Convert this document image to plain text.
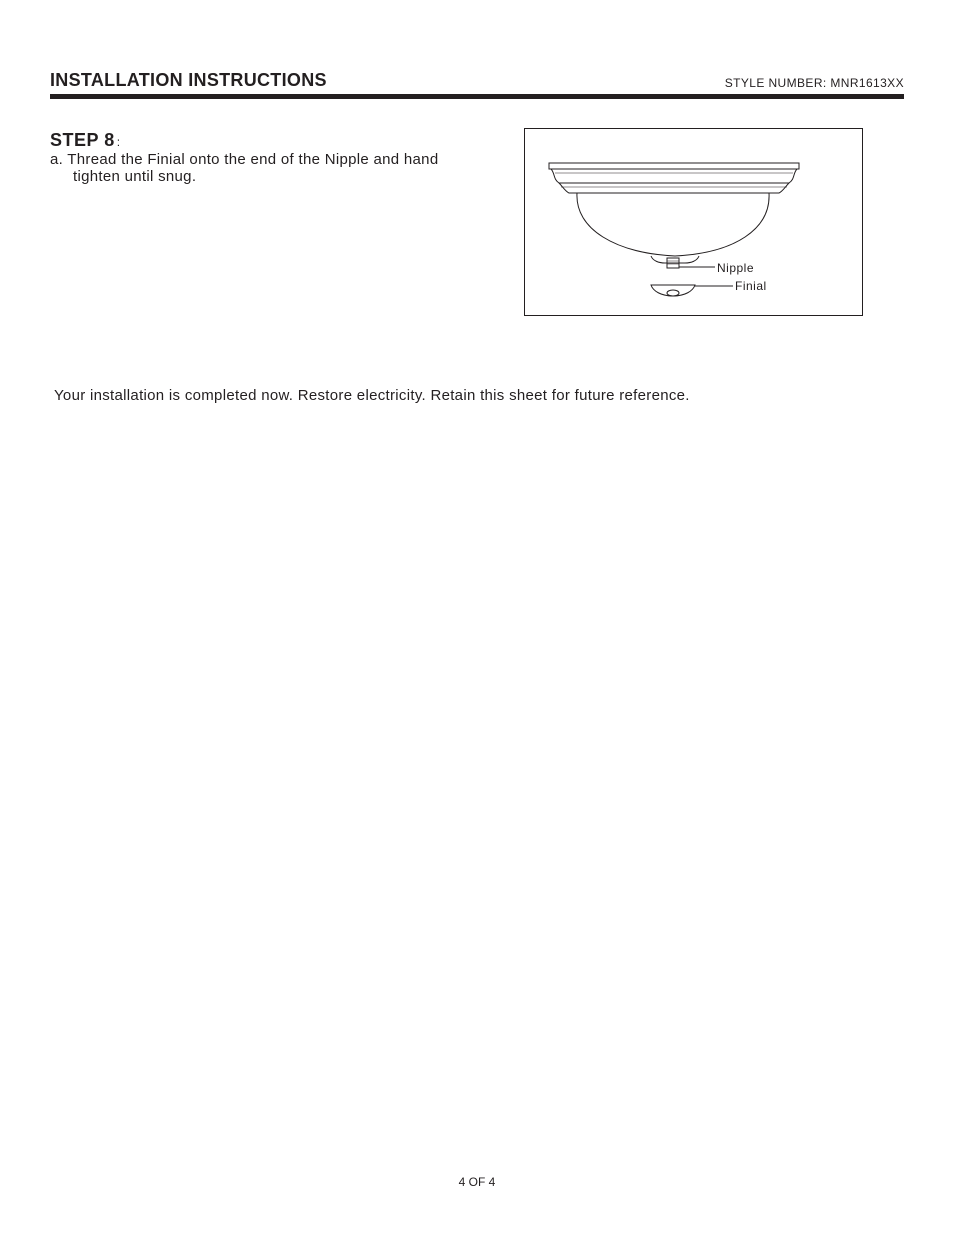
INSTALLATION INSTRUCTIONS	STYLE NUMBER: MNR1613XX
STEP 8 :
a. Thread the Finial onto the end of the Nipple and hand
tighten until snug.
Nipple
Finial
Your installation is completed now. Restore electricity. Retain this sheet for future reference.
4 OF 4
